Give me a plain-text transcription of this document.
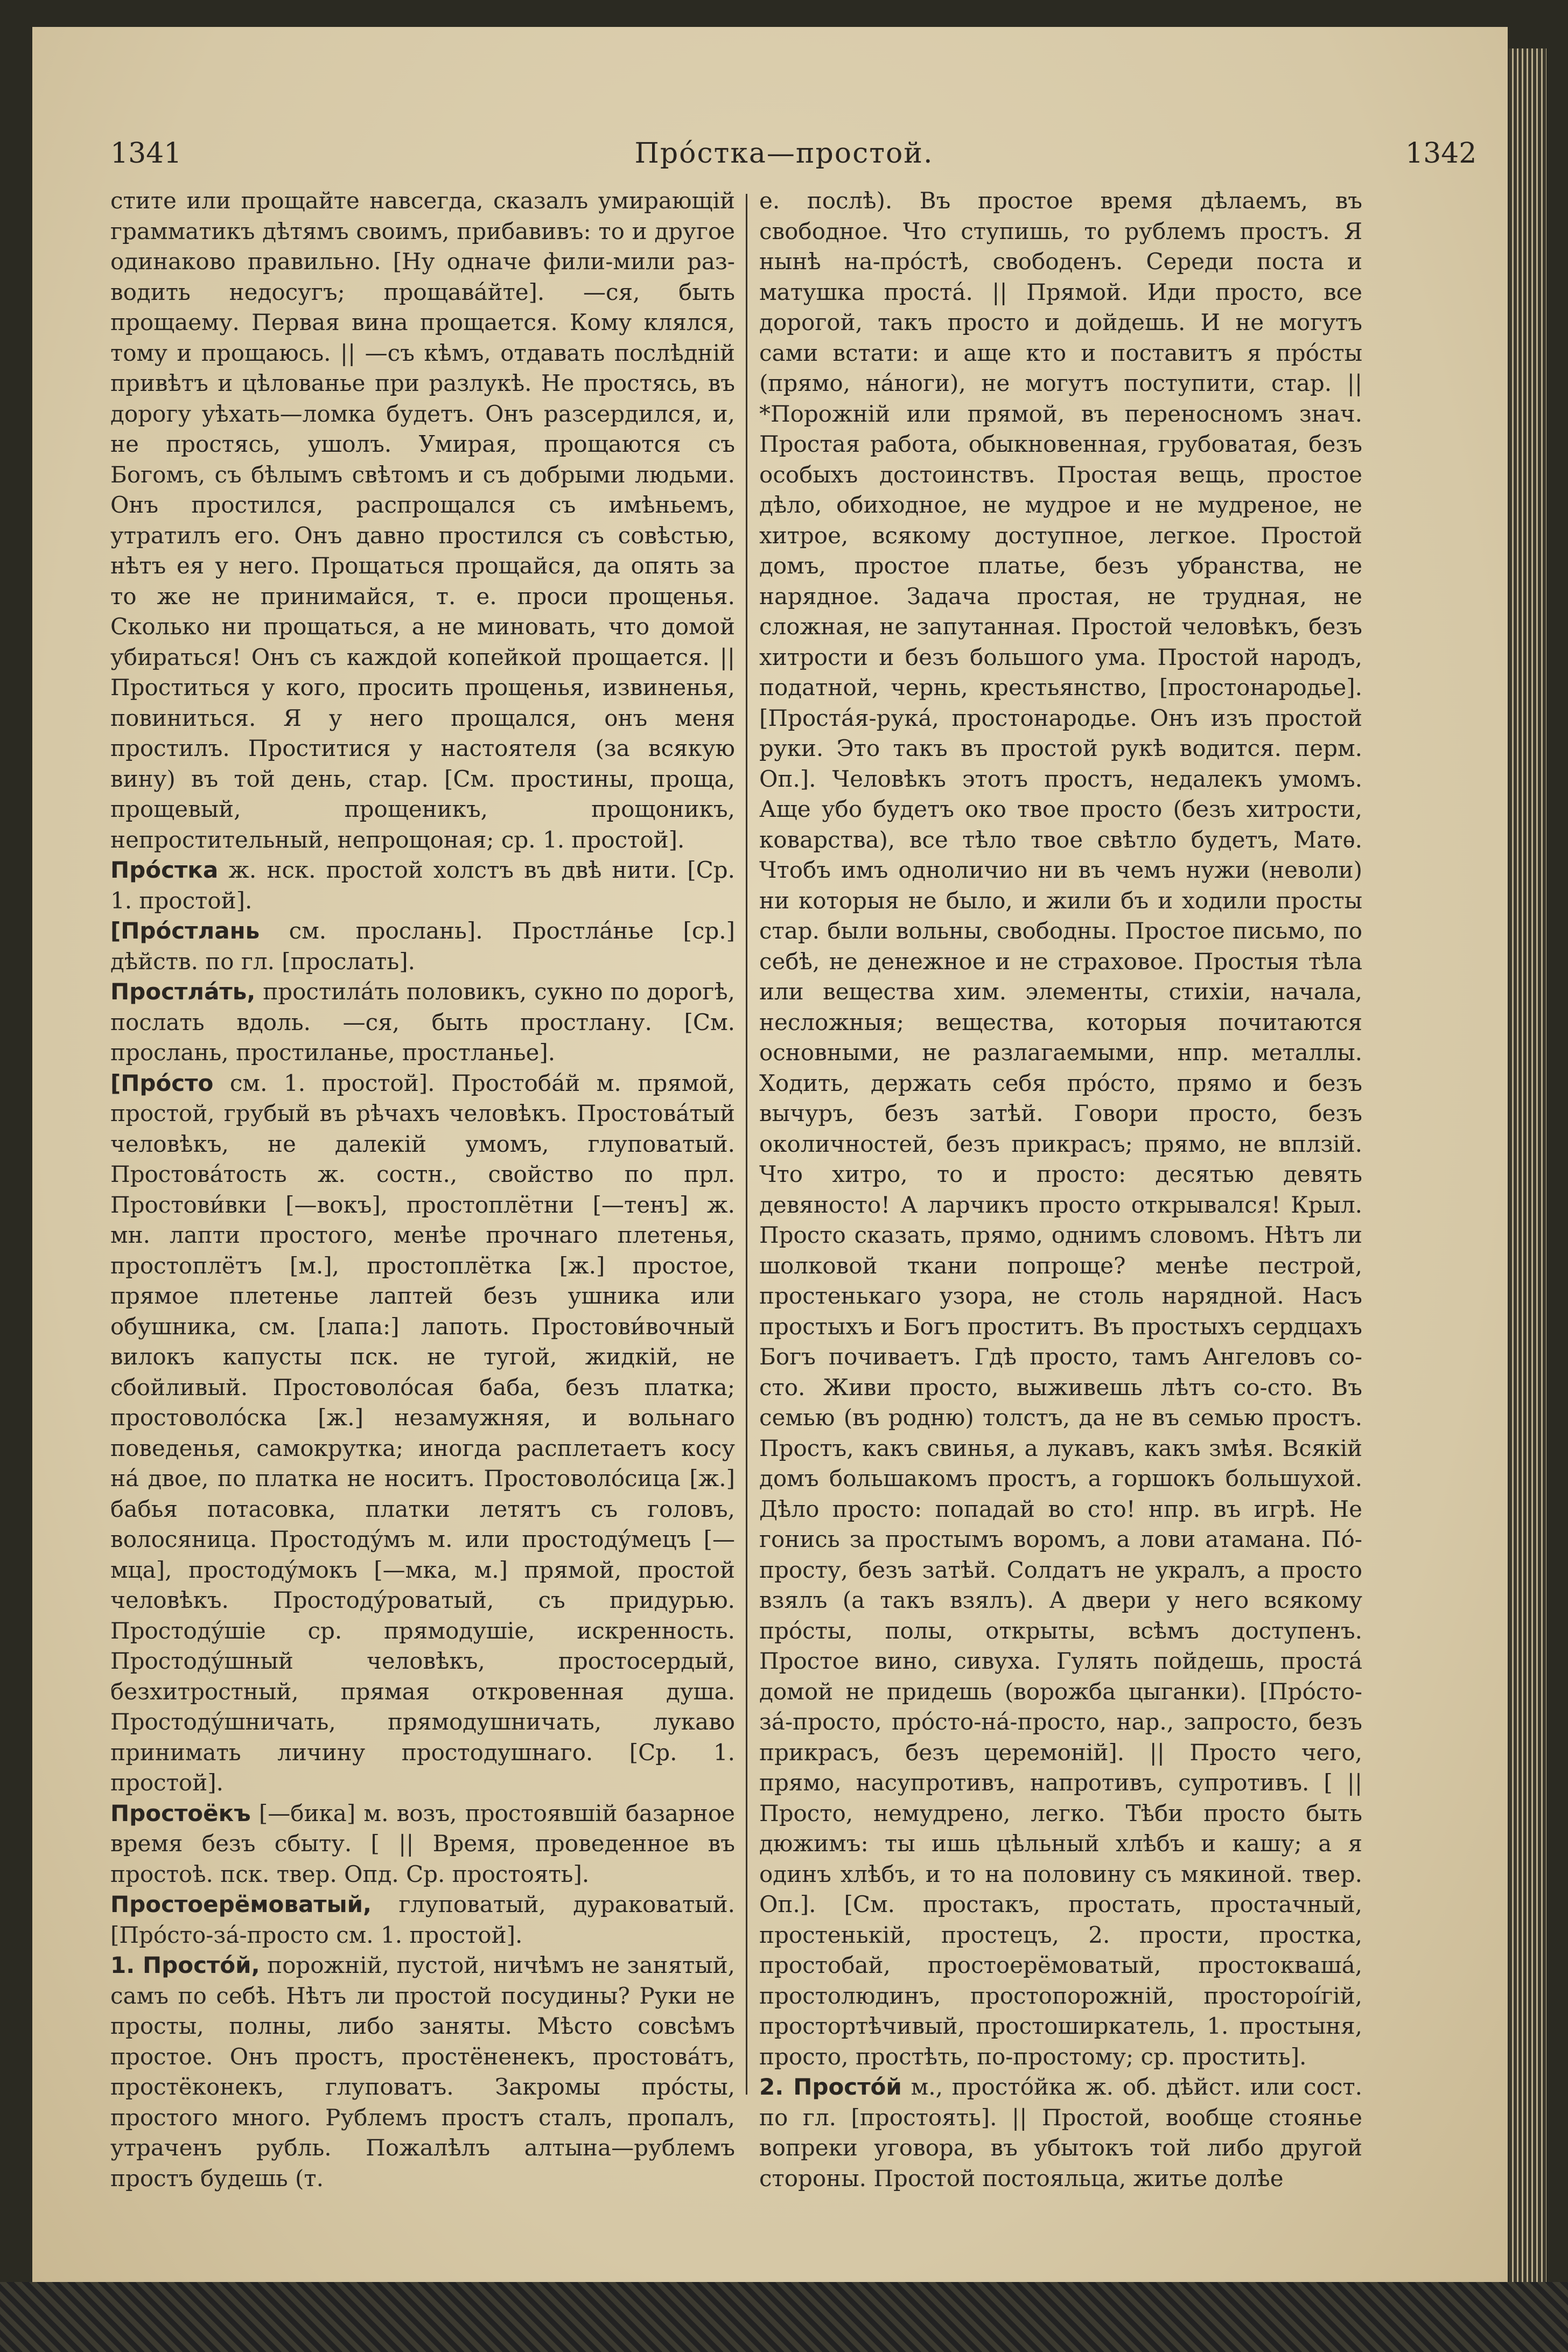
1341	Про́стка—простой.	1342

стите или прощайте навсегда, сказалъ умирающій грамматикъ дѣтямъ своимъ, прибавивъ: то и другое одинаково правильно. [Ну одначе фили-мили раз-водить недосугъ; прощава́йте]. —ся, быть прощаему. Первая вина прощается. Кому клялся, тому и прощаюсь. || —съ кѣмъ, отдавать послѣдній привѣтъ и цѣлованье при разлукѣ. Не простясь, въ дорогу уѣхать—ломка будетъ. Онъ разсердился, и, не простясь, ушолъ. Умирая, прощаются съ Богомъ, съ бѣлымъ свѣтомъ и съ добрыми людьми. Онъ простился, распрощался съ имѣньемъ, утратилъ его. Онъ давно простился съ совѣстью, нѣтъ ея у него. Прощаться прощайся, да опять за то же не принимайся, т. е. проси прощенья. Сколько ни прощаться, а не миновать, что домой убираться! Онъ съ каждой копейкой прощается. || Проститься у кого, просить прощенья, извиненья, повиниться. Я у него прощался, онъ меня простилъ. Проститися у настоятеля (за всякую вину) въ той день, стар. [См. простины, проща, прощевый, прощеникъ, прощоникъ, непростительный, непрощоная; ср. 1. простой].

Про́стка ж. нск. простой холстъ въ двѣ нити. [Ср. 1. простой].

[Про́стлань см. прослань]. Простла́нье [ср.] дѣйств. по гл. [прослать].

Простла́ть, простила́ть половикъ, сукно по дорогѣ, послать вдоль. —ся, быть простлану. [См. прослань, простиланье, простланье].

[Про́сто см. 1. простой]. Простоба́й м. прямой, простой, грубый въ рѣчахъ человѣкъ. Простова́тый человѣкъ, не далекій умомъ, глуповатый. Простова́тость ж. состн., свойство по прл. Простови́вки [—вокъ], простоплётни [—тенъ] ж. мн. лапти простого, менѣе прочнаго плетенья, простоплётъ [м.], простоплётка [ж.] простое, прямое плетенье лаптей безъ ушника или обушника, см. [лапа:] лапоть. Простови́вочный вилокъ капусты пск. не тугой, жидкій, не сбойливый. Простоволо́сая баба, безъ платка; простоволо́ска [ж.] незамужняя, и вольнаго поведенья, самокрутка; иногда расплетаетъ косу нá двое, по платка не носитъ. Простоволо́сица [ж.] бабья потасовка, платки летятъ съ головъ, волосяница. Простоду́мъ м. или простоду́мецъ [—мца], простоду́мокъ [—мка, м.] прямой, простой человѣкъ. Простоду́роватый, съ придурью. Простоду́шіе ср. прямодушіе, искренность. Простоду́шный человѣкъ, простосердый, безхитростный, прямая откровенная душа. Простоду́шничать, прямодушничать, лукаво принимать личину простодушнаго. [Ср. 1. простой].

Простоёкъ [—бика] м. возъ, простоявшій базарное время безъ сбыту. [ || Время, проведенное въ простоѣ. пск. твер. Опд. Ср. простоять].

Простоерёмоватый, глуповатый, дураковатый. [Про́сто-за́-просто см. 1. простой].

1. Просто́й, порожній, пустой, ничѣмъ не занятый, самъ по себѣ. Нѣтъ ли простой посудины? Руки не просты, полны, либо заняты. Мѣсто совсѣмъ простое. Онъ простъ, простёненекъ, простова́тъ, простёконекъ, глуповатъ. Закромы про́сты, простого много. Рублемъ простъ сталъ, пропалъ, утраченъ рубль. Пожалѣлъ алтына—рублемъ простъ будешь (т.

е. послѣ). Въ простое время дѣлаемъ, въ свободное. Что ступишь, то рублемъ простъ. Я нынѣ на-про́стѣ, свободенъ. Середи поста и матушка проста́. || Прямой. Иди просто, все дорогой, такъ просто и дойдешь. И не могутъ сами встати: и аще кто и поставитъ я про́сты (прямо, нáноги), не могутъ поступити, стар. || *Порожній или прямой, въ переносномъ знач. Простая работа, обыкновенная, грубоватая, безъ особыхъ достоинствъ. Простая вещь, простое дѣло, обиходное, не мудрое и не мудреное, не хитрое, всякому доступное, легкое. Простой домъ, простое платье, безъ убранства, не нарядное. Задача простая, не трудная, не сложная, не запутанная. Простой человѣкъ, безъ хитрости и безъ большого ума. Простой народъ, податной, чернь, крестьянство, [простонародье]. [Проста́я-рука́, простонародье. Онъ изъ простой руки. Это такъ въ простой рукѣ водится. перм. Оп.]. Человѣкъ этотъ простъ, недалекъ умомъ. Аще убо будетъ око твое просто (безъ хитрости, коварства), все тѣло твое свѣтло будетъ, Матѳ. Чтобъ имъ одноличио ни въ чемъ нужи (неволи) ни которыя не было, и жили бъ и ходили просты стар. были вольны, свободны. Простое письмо, по себѣ, не денежное и не страховое. Простыя тѣла или вещества хим. элементы, стихіи, начала, несложныя; вещества, которыя почитаются основными, не разлагаемыми, нпр. металлы. Ходить, держать себя про́сто, прямо и безъ вычуръ, безъ затѣй. Говори просто, безъ околичностей, безъ прикрасъ; прямо, не вплзій. Что хитро, то и просто: десятью девять девяносто! А ларчикъ просто открывался! Крыл. Просто сказать, прямо, однимъ словомъ. Нѣтъ ли шолковой ткани попроще? менѣе пестрой, простенькаго узора, не столь нарядной. Насъ простыхъ и Богъ проститъ. Въ простыхъ сердцахъ Богъ почиваетъ. Гдѣ просто, тамъ Ангеловъ со-сто. Живи просто, выживешь лѣтъ со-сто. Въ семью (въ родню) толстъ, да не въ семью простъ. Простъ, какъ свинья, а лукавъ, какъ змѣя. Всякій домъ большакомъ простъ, а горшокъ большухой. Дѣло просто: попадай во сто! нпр. въ игрѣ. Не гонись за простымъ воромъ, а лови атамана. По́-просту, безъ затѣй. Солдатъ не укралъ, а просто взялъ (а такъ взялъ). А двери у него всякому про́сты, полы, открыты, всѣмъ доступенъ. Простое вино, сивуха. Гулять пойдешь, проста́ домой не придешь (ворожба цыганки). [Про́сто-за́-просто, про́сто-на́-просто, нар., запросто, безъ прикрасъ, безъ церемоній]. || Просто чего, прямо, насупротивъ, напротивъ, супротивъ. [ || Просто, немудрено, легко. Тѣби просто быть дюжимъ: ты ишь цѣльный хлѣбъ и кашу; а я одинъ хлѣбъ, и то на половину съ мякиной. твер. Оп.]. [См. простакъ, простать, простачный, простенькій, простецъ, 2. прости, простка, простобай, простоерёмоватый, простоквашá, простолюдинъ, простопорожній, простороíгій, простортѣчивый, простошиpкатель, 1. простыня, просто, простѣть, по-простому; ср. простить].

2. Просто́й м., просто́йка ж. об. дѣйст. или сост. по гл. [простоять]. || Простой, вообще стоянье вопреки уговора, въ убытокъ той либо другой стороны. Простой постояльца, житье долѣе
